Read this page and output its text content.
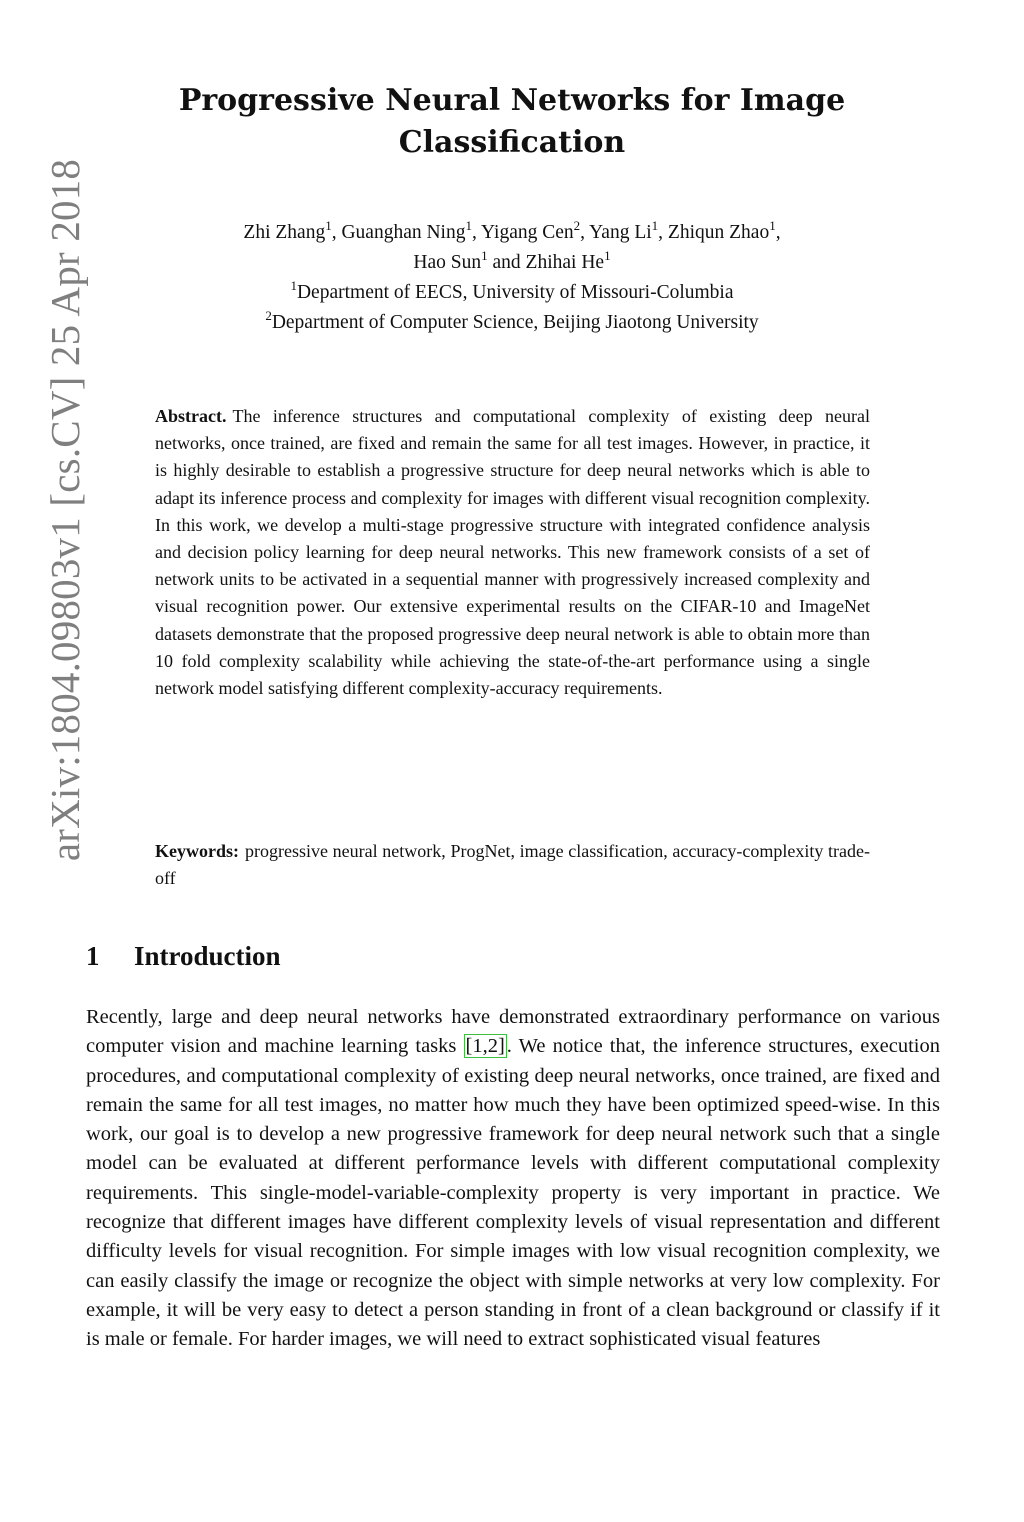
arXiv:1804.09803v1 [cs.CV] 25 Apr 2018
Progressive Neural Networks for Image Classification
Zhi Zhang$^1$, Guanghan Ning$^1$, Yigang Cen$^2$, Yang Li$^1$, Zhiqun Zhao$^1$,
Hao Sun$^1$ and Zhihai He$^1$
$^1$Department of EECS, University of Missouri-Columbia
$^2$Department of Computer Science, Beijing Jiaotong University
Abstract. The inference structures and computational complexity of existing deep neural networks, once trained, are fixed and remain the same for all test images. However, in practice, it is highly desirable to establish a progressive structure for deep neural networks which is able to adapt its inference process and complexity for images with different visual recognition complexity. In this work, we develop a multi-stage progressive structure with integrated confidence analysis and decision policy learning for deep neural networks. This new framework consists of a set of network units to be activated in a sequential manner with progressively increased complexity and visual recognition power. Our extensive experimental results on the CIFAR-10 and ImageNet datasets demonstrate that the proposed progressive deep neural network is able to obtain more than 10 fold complexity scalability while achieving the state-of-the-art performance using a single network model satisfying different complexity-accuracy requirements.
Keywords: progressive neural network, ProgNet, image classification, accuracy-complexity trade-off
1 Introduction
Recently, large and deep neural networks have demonstrated extraordinary performance on various computer vision and machine learning tasks [1,2]. We notice that, the inference structures, execution procedures, and computational complexity of existing deep neural networks, once trained, are fixed and remain the same for all test images, no matter how much they have been optimized speed-wise. In this work, our goal is to develop a new progressive framework for deep neural network such that a single model can be evaluated at different performance levels with different computational complexity requirements. This single-model-variable-complexity property is very important in practice. We recognize that different images have different complexity levels of visual representation and different difficulty levels for visual recognition. For simple images with low visual recognition complexity, we can easily classify the image or recognize the object with simple networks at very low complexity. For example, it will be very easy to detect a person standing in front of a clean background or classify if it is male or female. For harder images, we will need to extract sophisticated visual features
